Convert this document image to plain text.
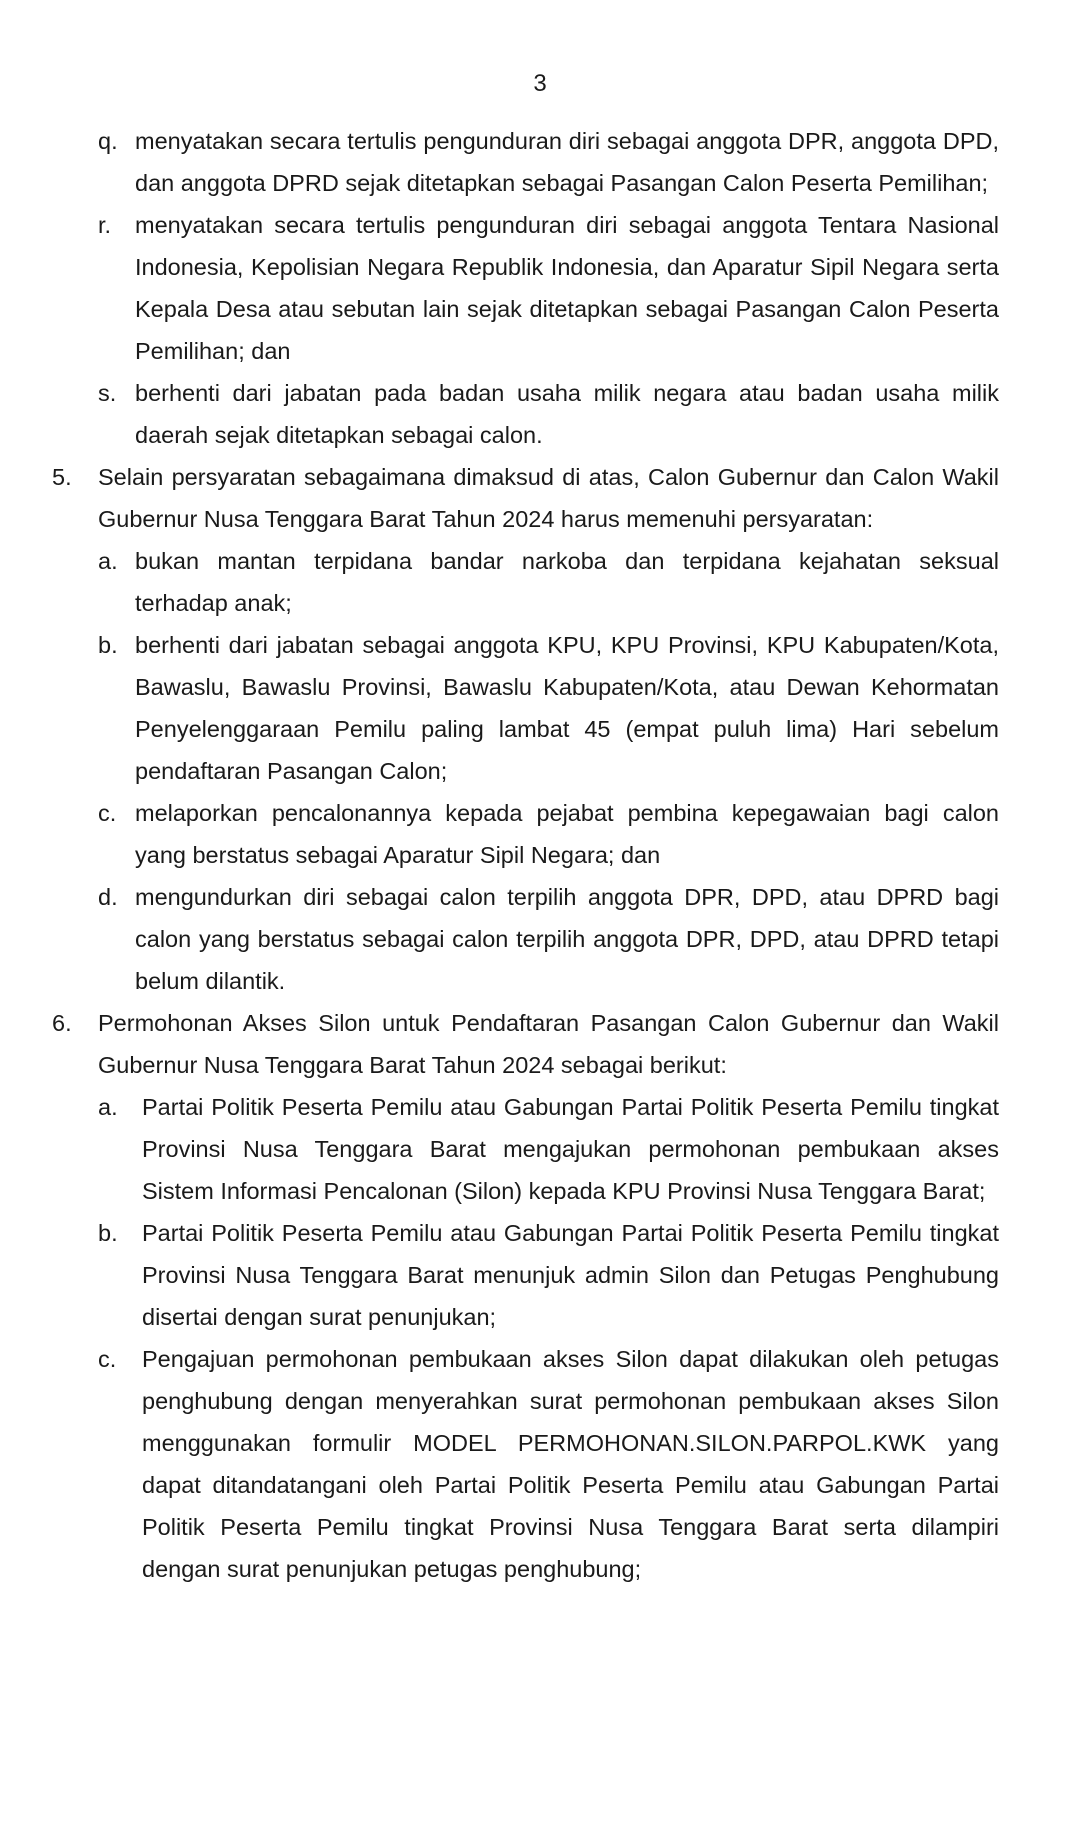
3
q. menyatakan secara tertulis pengunduran diri sebagai anggota DPR, anggota DPD, dan anggota DPRD sejak ditetapkan sebagai Pasangan Calon Peserta Pemilihan;
r. menyatakan secara tertulis pengunduran diri sebagai anggota Tentara Nasional Indonesia, Kepolisian Negara Republik Indonesia, dan Aparatur Sipil Negara serta Kepala Desa atau sebutan lain sejak ditetapkan sebagai Pasangan Calon Peserta Pemilihan; dan
s. berhenti dari jabatan pada badan usaha milik negara atau badan usaha milik daerah sejak ditetapkan sebagai calon.
5. Selain persyaratan sebagaimana dimaksud di atas, Calon Gubernur dan Calon Wakil Gubernur Nusa Tenggara Barat Tahun 2024 harus memenuhi persyaratan:
a. bukan mantan terpidana bandar narkoba dan terpidana kejahatan seksual terhadap anak;
b. berhenti dari jabatan sebagai anggota KPU, KPU Provinsi, KPU Kabupaten/Kota, Bawaslu, Bawaslu Provinsi, Bawaslu Kabupaten/Kota, atau Dewan Kehormatan Penyelenggaraan Pemilu paling lambat 45 (empat puluh lima) Hari sebelum pendaftaran Pasangan Calon;
c. melaporkan pencalonannya kepada pejabat pembina kepegawaian bagi calon yang berstatus sebagai Aparatur Sipil Negara; dan
d. mengundurkan diri sebagai calon terpilih anggota DPR, DPD, atau DPRD bagi calon yang berstatus sebagai calon terpilih anggota DPR, DPD, atau DPRD tetapi belum dilantik.
6. Permohonan Akses Silon untuk Pendaftaran Pasangan Calon Gubernur dan Wakil Gubernur Nusa Tenggara Barat Tahun 2024 sebagai berikut:
a. Partai Politik Peserta Pemilu atau Gabungan Partai Politik Peserta Pemilu tingkat Provinsi Nusa Tenggara Barat mengajukan permohonan pembukaan akses Sistem Informasi Pencalonan (Silon) kepada KPU Provinsi Nusa Tenggara Barat;
b. Partai Politik Peserta Pemilu atau Gabungan Partai Politik Peserta Pemilu tingkat Provinsi Nusa Tenggara Barat menunjuk admin Silon dan Petugas Penghubung disertai dengan surat penunjukan;
c. Pengajuan permohonan pembukaan akses Silon dapat dilakukan oleh petugas penghubung dengan menyerahkan surat permohonan pembukaan akses Silon menggunakan formulir MODEL PERMOHONAN.SILON.PARPOL.KWK yang dapat ditandatangani oleh Partai Politik Peserta Pemilu atau Gabungan Partai Politik Peserta Pemilu tingkat Provinsi Nusa Tenggara Barat serta dilampiri dengan surat penunjukan petugas penghubung;
